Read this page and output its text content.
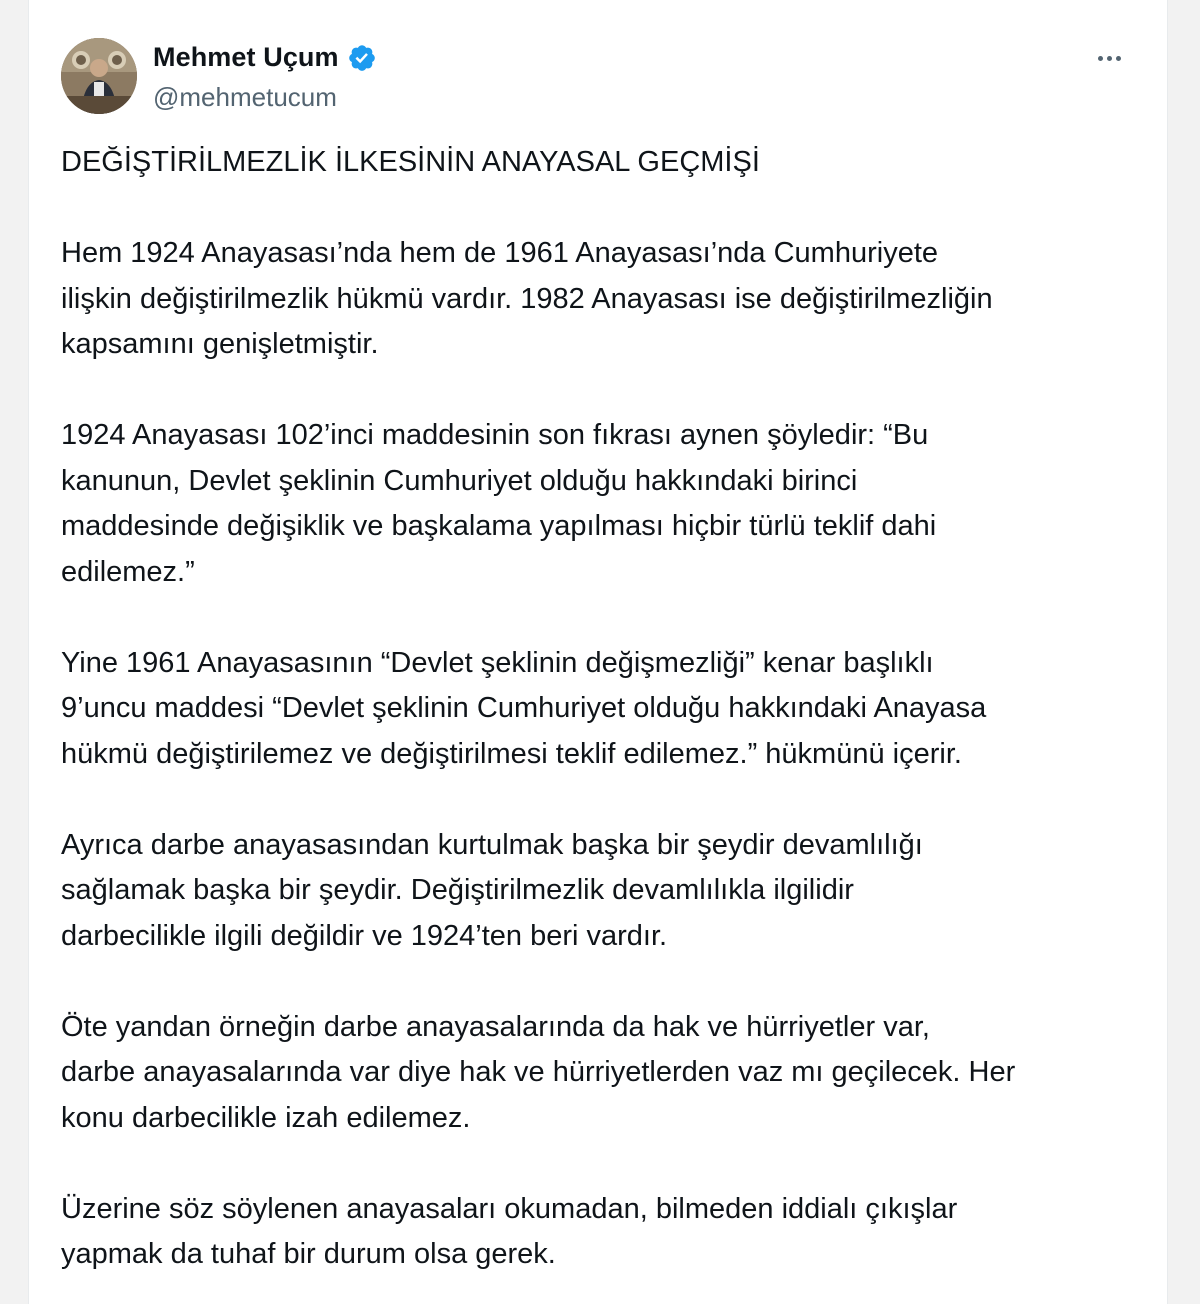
Mehmet Uçum
@mehmetucum

DEĞİŞTİRİLMEZLİK İLKESİNİN ANAYASAL GEÇMİŞİ

Hem 1924 Anayasası’nda hem de 1961 Anayasası’nda Cumhuriyete
ilişkin değiştirilmezlik hükmü vardır. 1982 Anayasası ise değiştirilmezliğin
kapsamını genişletmiştir.

1924 Anayasası 102’inci maddesinin son fıkrası aynen şöyledir: “Bu
kanunun, Devlet şeklinin Cumhuriyet olduğu hakkındaki birinci
maddesinde değişiklik ve başkalama yapılması hiçbir türlü teklif dahi
edilemez.”

Yine 1961 Anayasasının “Devlet şeklinin değişmezliği” kenar başlıklı
9’uncu maddesi “Devlet şeklinin Cumhuriyet olduğu hakkındaki Anayasa
hükmü değiştirilemez ve değiştirilmesi teklif edilemez.” hükmünü içerir.

Ayrıca darbe anayasasından kurtulmak başka bir şeydir devamlılığı
sağlamak başka bir şeydir. Değiştirilmezlik devamlılıkla ilgilidir
darbecilikle ilgili değildir ve 1924’ten beri vardır.

Öte yandan örneğin darbe anayasalarında da hak ve hürriyetler var,
darbe anayasalarında var diye hak ve hürriyetlerden vaz mı geçilecek. Her
konu darbecilikle izah edilemez.

Üzerine söz söylenen anayasaları okumadan, bilmeden iddialı çıkışlar
yapmak da tuhaf bir durum olsa gerek.
